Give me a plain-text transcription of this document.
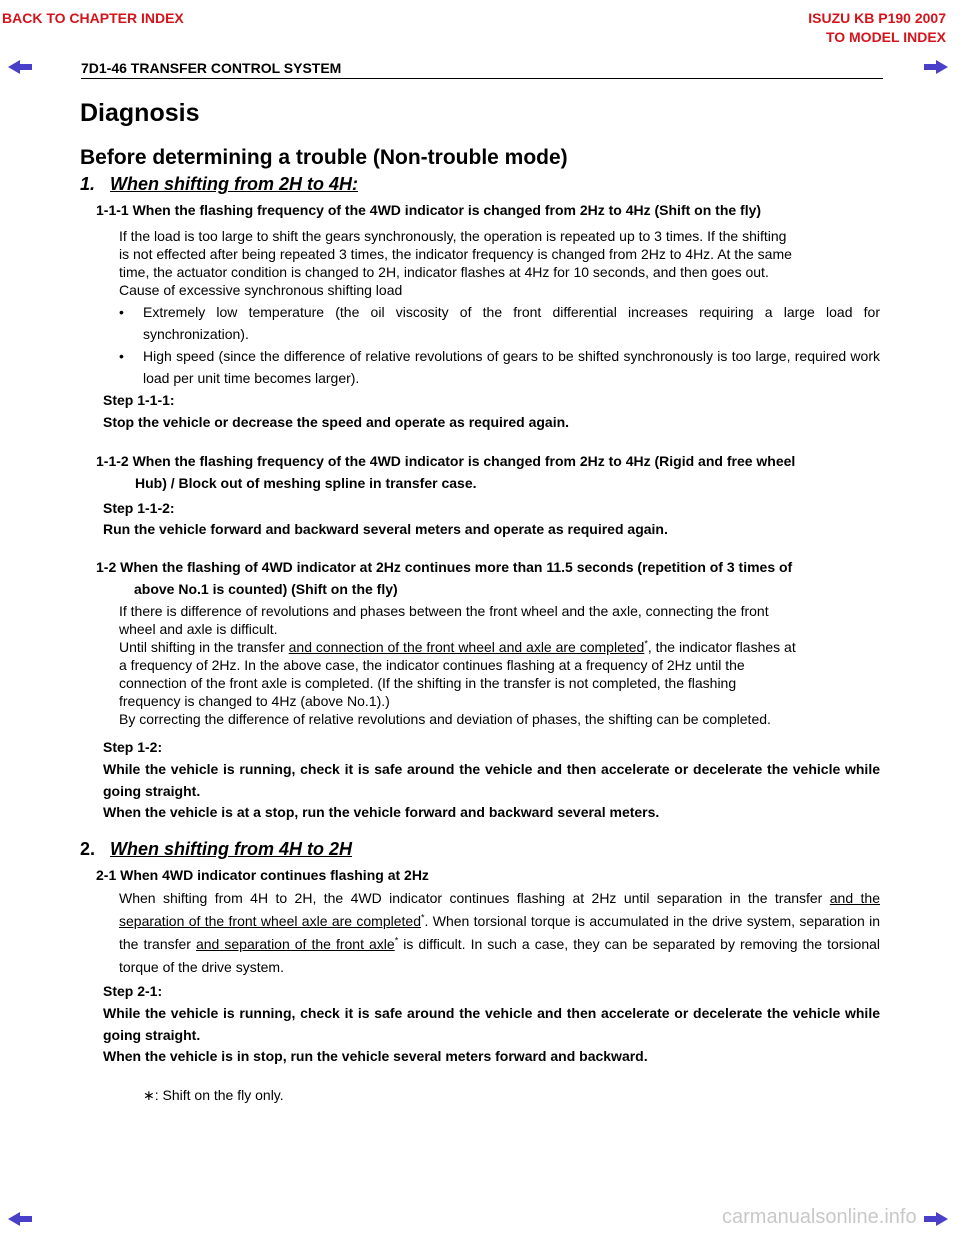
BACK TO CHAPTER INDEX	ISUZU KB P190 2007
TO MODEL INDEX
7D1-46 TRANSFER CONTROL SYSTEM
Diagnosis
Before determining a trouble (Non-trouble mode)
1. When shifting from 2H to 4H:
1-1-1 When the flashing frequency of the 4WD indicator is changed from 2Hz to 4Hz (Shift on the fly)
If the load is too large to shift the gears synchronously, the operation is repeated up to 3 times. If the shifting
is not effected after being repeated 3 times, the indicator frequency is changed from 2Hz to 4Hz. At the same
time, the actuator condition is changed to 2H, indicator flashes at 4Hz for 10 seconds, and then goes out.
Cause of excessive synchronous shifting load
• Extremely low temperature (the oil viscosity of the front differential increases requiring a large load for synchronization).
• High speed (since the difference of relative revolutions of gears to be shifted synchronously is too large, required work load per unit time becomes larger).
Step 1-1-1:
Stop the vehicle or decrease the speed and operate as required again.
1-1-2 When the flashing frequency of the 4WD indicator is changed from 2Hz to 4Hz (Rigid and free wheel
Hub) / Block out of meshing spline in transfer case.
Step 1-1-2:
Run the vehicle forward and backward several meters and operate as required again.
1-2 When the flashing of 4WD indicator at 2Hz continues more than 11.5 seconds (repetition of 3 times of
above No.1 is counted) (Shift on the fly)
If there is difference of revolutions and phases between the front wheel and the axle, connecting the front
wheel and axle is difficult.
Until shifting in the transfer and connection of the front wheel and axle are completed*, the indicator flashes at
a frequency of 2Hz. In the above case, the indicator continues flashing at a frequency of 2Hz until the
connection of the front axle is completed. (If the shifting in the transfer is not completed, the flashing
frequency is changed to 4Hz (above No.1).)
By correcting the difference of relative revolutions and deviation of phases, the shifting can be completed.
Step 1-2:
While the vehicle is running, check it is safe around the vehicle and then accelerate or decelerate the vehicle while going straight.
When the vehicle is at a stop, run the vehicle forward and backward several meters.
2. When shifting from 4H to 2H
2-1 When 4WD indicator continues flashing at 2Hz
When shifting from 4H to 2H, the 4WD indicator continues flashing at 2Hz until separation in the transfer and the separation of the front wheel axle are completed*. When torsional torque is accumulated in the drive system, separation in the transfer and separation of the front axle* is difficult. In such a case, they can be separated by removing the torsional torque of the drive system.
Step 2-1:
While the vehicle is running, check it is safe around the vehicle and then accelerate or decelerate the vehicle while going straight.
When the vehicle is in stop, run the vehicle several meters forward and backward.
∗: Shift on the fly only.
carmanualsonline.info
